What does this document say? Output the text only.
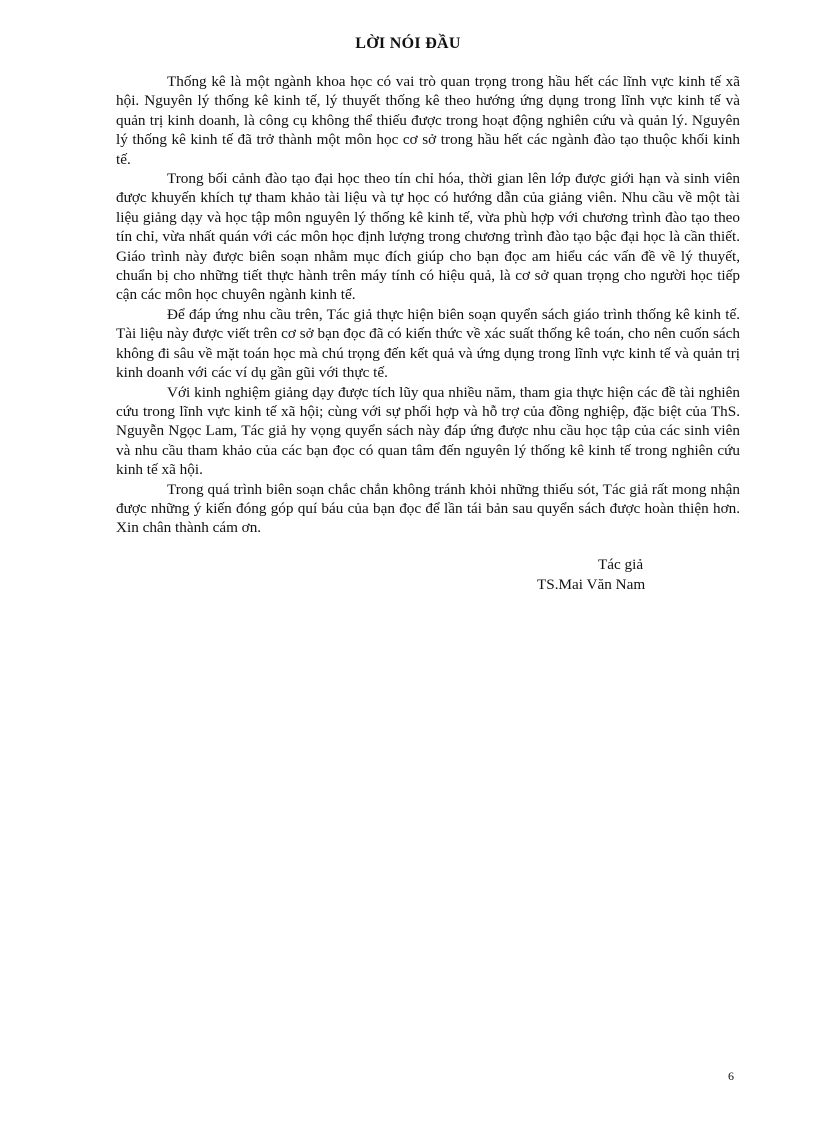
LỜI NÓI ĐẦU

Thống kê là một ngành khoa học có vai trò quan trọng trong hầu hết các lĩnh vực kinh tế xã hội. Nguyên lý thống kê kinh tế, lý thuyết thống kê theo hướng ứng dụng trong lĩnh vực kinh tế và quản trị kinh doanh, là công cụ không thể thiếu được trong hoạt động nghiên cứu và quản lý. Nguyên lý thống kê kinh tế đã trở thành một môn học cơ sở trong hầu hết các ngành đào tạo thuộc khối kinh tế.

Trong bối cảnh đào tạo đại học theo tín chỉ hóa, thời gian lên lớp được giới hạn và sinh viên được khuyến khích tự tham khảo tài liệu và tự học có hướng dẫn của giảng viên. Nhu cầu về một tài liệu giảng dạy và học tập môn nguyên lý thống kê kinh tế, vừa phù hợp với chương trình đào tạo theo tín chỉ, vừa nhất quán với các môn học định lượng trong chương trình đào tạo bậc đại học là cần thiết. Giáo trình này được biên soạn nhằm mục đích giúp cho bạn đọc am hiểu các vấn đề về lý thuyết, chuẩn bị cho những tiết thực hành trên máy tính có hiệu quả, là cơ sở quan trọng cho người học tiếp cận các môn học chuyên ngành kinh tế.

Để đáp ứng nhu cầu trên, Tác giả thực hiện biên soạn quyển sách giáo trình thống kê kinh tế. Tài liệu này được viết trên cơ sở bạn đọc đã có kiến thức về xác suất thống kê toán, cho nên cuốn sách không đi sâu về mặt toán học mà chú trọng đến kết quả và ứng dụng trong lĩnh vực kinh tế và quản trị kinh doanh với các ví dụ gần gũi với thực tế.

Với kinh nghiệm giảng dạy được tích lũy qua nhiều năm, tham gia thực hiện các đề tài nghiên cứu trong lĩnh vực kinh tế xã hội; cùng với sự phối hợp và hỗ trợ của đồng nghiệp, đặc biệt của ThS. Nguyễn Ngọc Lam, Tác giả hy vọng quyển sách này đáp ứng được nhu cầu học tập của các sinh viên và nhu cầu tham khảo của các bạn đọc có quan tâm đến nguyên lý thống kê kinh tế trong nghiên cứu kinh tế xã hội.

Trong quá trình biên soạn chắc chắn không tránh khỏi những thiếu sót, Tác giả rất mong nhận được những ý kiến đóng góp quí báu của bạn đọc để lần tái bản sau quyển sách được hoàn thiện hơn. Xin chân thành cám ơn.

Tác giả
TS.Mai Văn Nam
6
